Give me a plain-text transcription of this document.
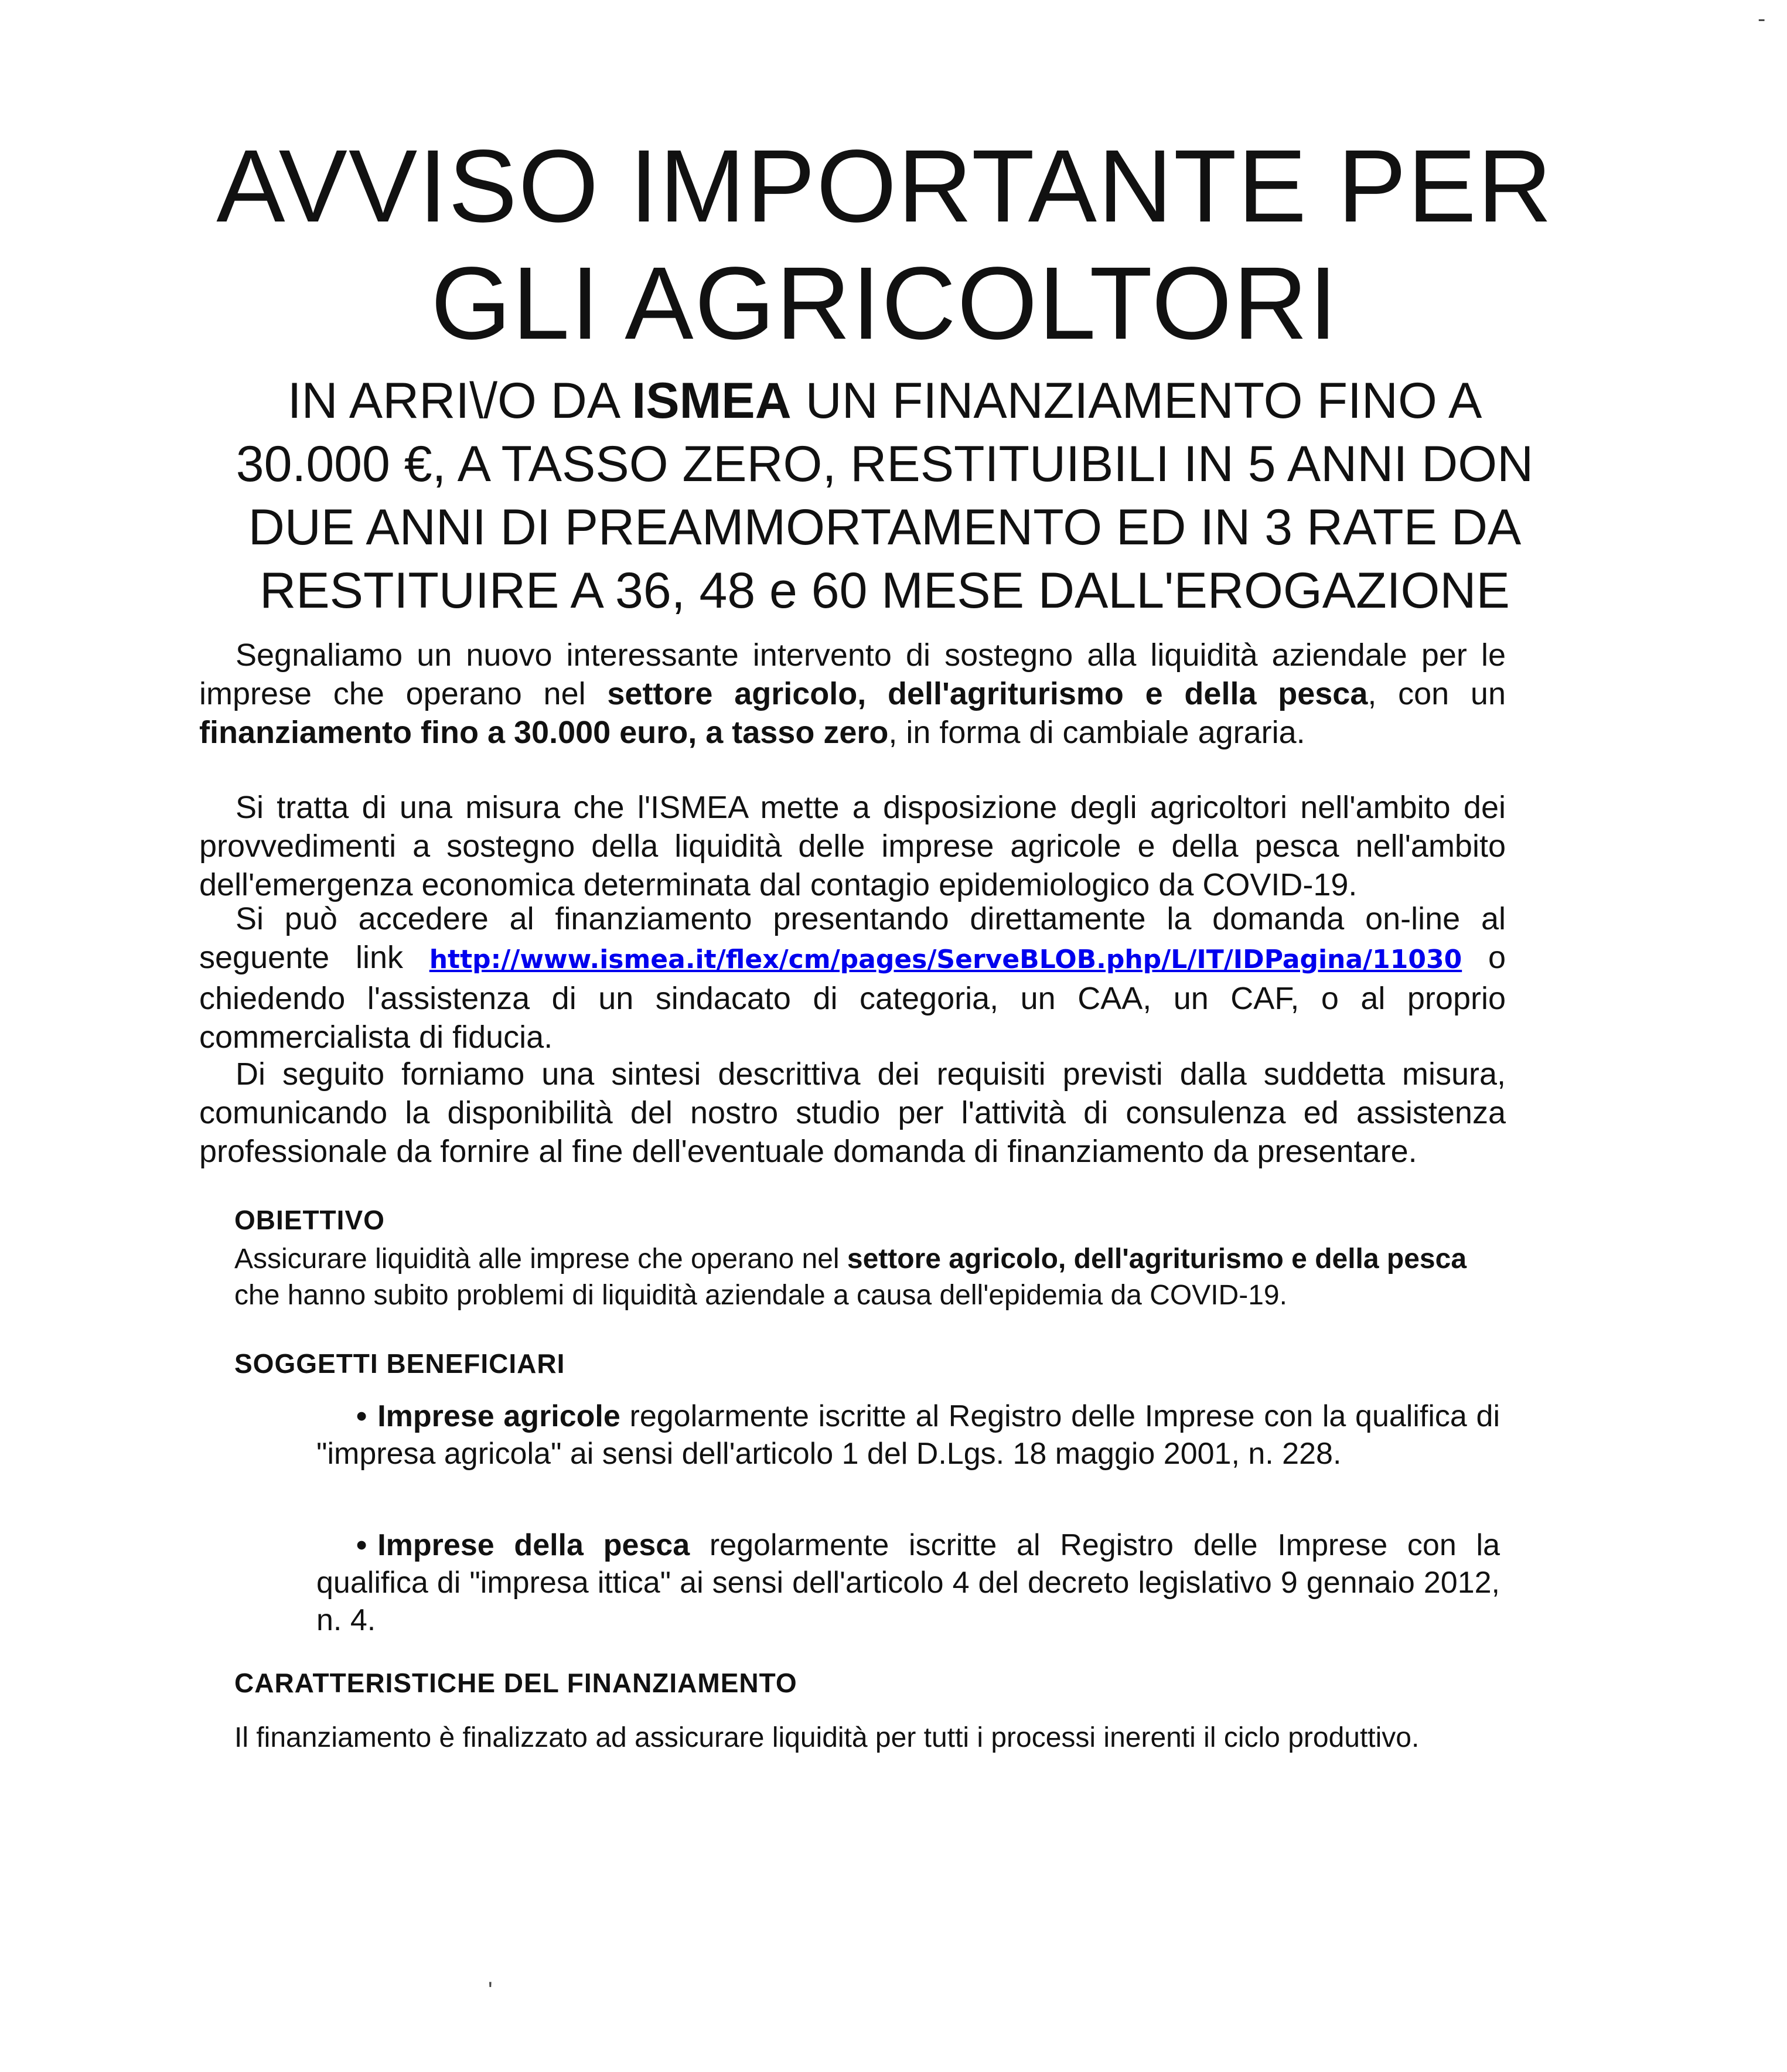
AVVISO IMPORTANTE PER
GLI AGRICOLTORI
IN ARRI\/O DA ISMEA UN FINANZIAMENTO FINO A
30.000 €, A TASSO ZERO, RESTITUIBILI IN 5 ANNI DON
DUE ANNI DI PREAMMORTAMENTO ED IN 3 RATE DA
RESTITUIRE A 36, 48 e 60 MESE DALL'EROGAZIONE

Segnaliamo un nuovo interessante intervento di sostegno alla liquidità aziendale per le imprese che operano nel settore agricolo, dell'agriturismo e della pesca, con un finanziamento fino a 30.000 euro, a tasso zero, in forma di cambiale agraria.

Si tratta di una misura che l'ISMEA mette a disposizione degli agricoltori nell'ambito dei provvedimenti a sostegno della liquidità delle imprese agricole e della pesca nell'ambito dell'emergenza economica determinata dal contagio epidemiologico da COVID-19.

Si può accedere al finanziamento presentando direttamente la domanda on-line al seguente link http://www.ismea.it/flex/cm/pages/ServeBLOB.php/L/IT/IDPagina/11030 o chiedendo l'assistenza di un sindacato di categoria, un CAA, un CAF, o al proprio commercialista di fiducia.

Di seguito forniamo una sintesi descrittiva dei requisiti previsti dalla suddetta misura, comunicando la disponibilità del nostro studio per l'attività di consulenza ed assistenza professionale da fornire al fine dell'eventuale domanda di finanziamento da presentare.

OBIETTIVO
Assicurare liquidità alle imprese che operano nel settore agricolo, dell'agriturismo e della pesca che hanno subito problemi di liquidità aziendale a causa dell'epidemia da COVID-19.
SOGGETTI BENEFICIARI

• Imprese agricole regolarmente iscritte al Registro delle Imprese con la qualifica di "impresa agricola" ai sensi dell'articolo 1 del D.Lgs. 18 maggio 2001, n. 228.

• Imprese della pesca regolarmente iscritte al Registro delle Imprese con la qualifica di "impresa ittica" ai sensi dell'articolo 4 del decreto legislativo 9 gennaio 2012, n. 4.

CARATTERISTICHE DEL FINANZIAMENTO
Il finanziamento è finalizzato ad assicurare liquidità per tutti i processi inerenti il ciclo produttivo.
-
'
